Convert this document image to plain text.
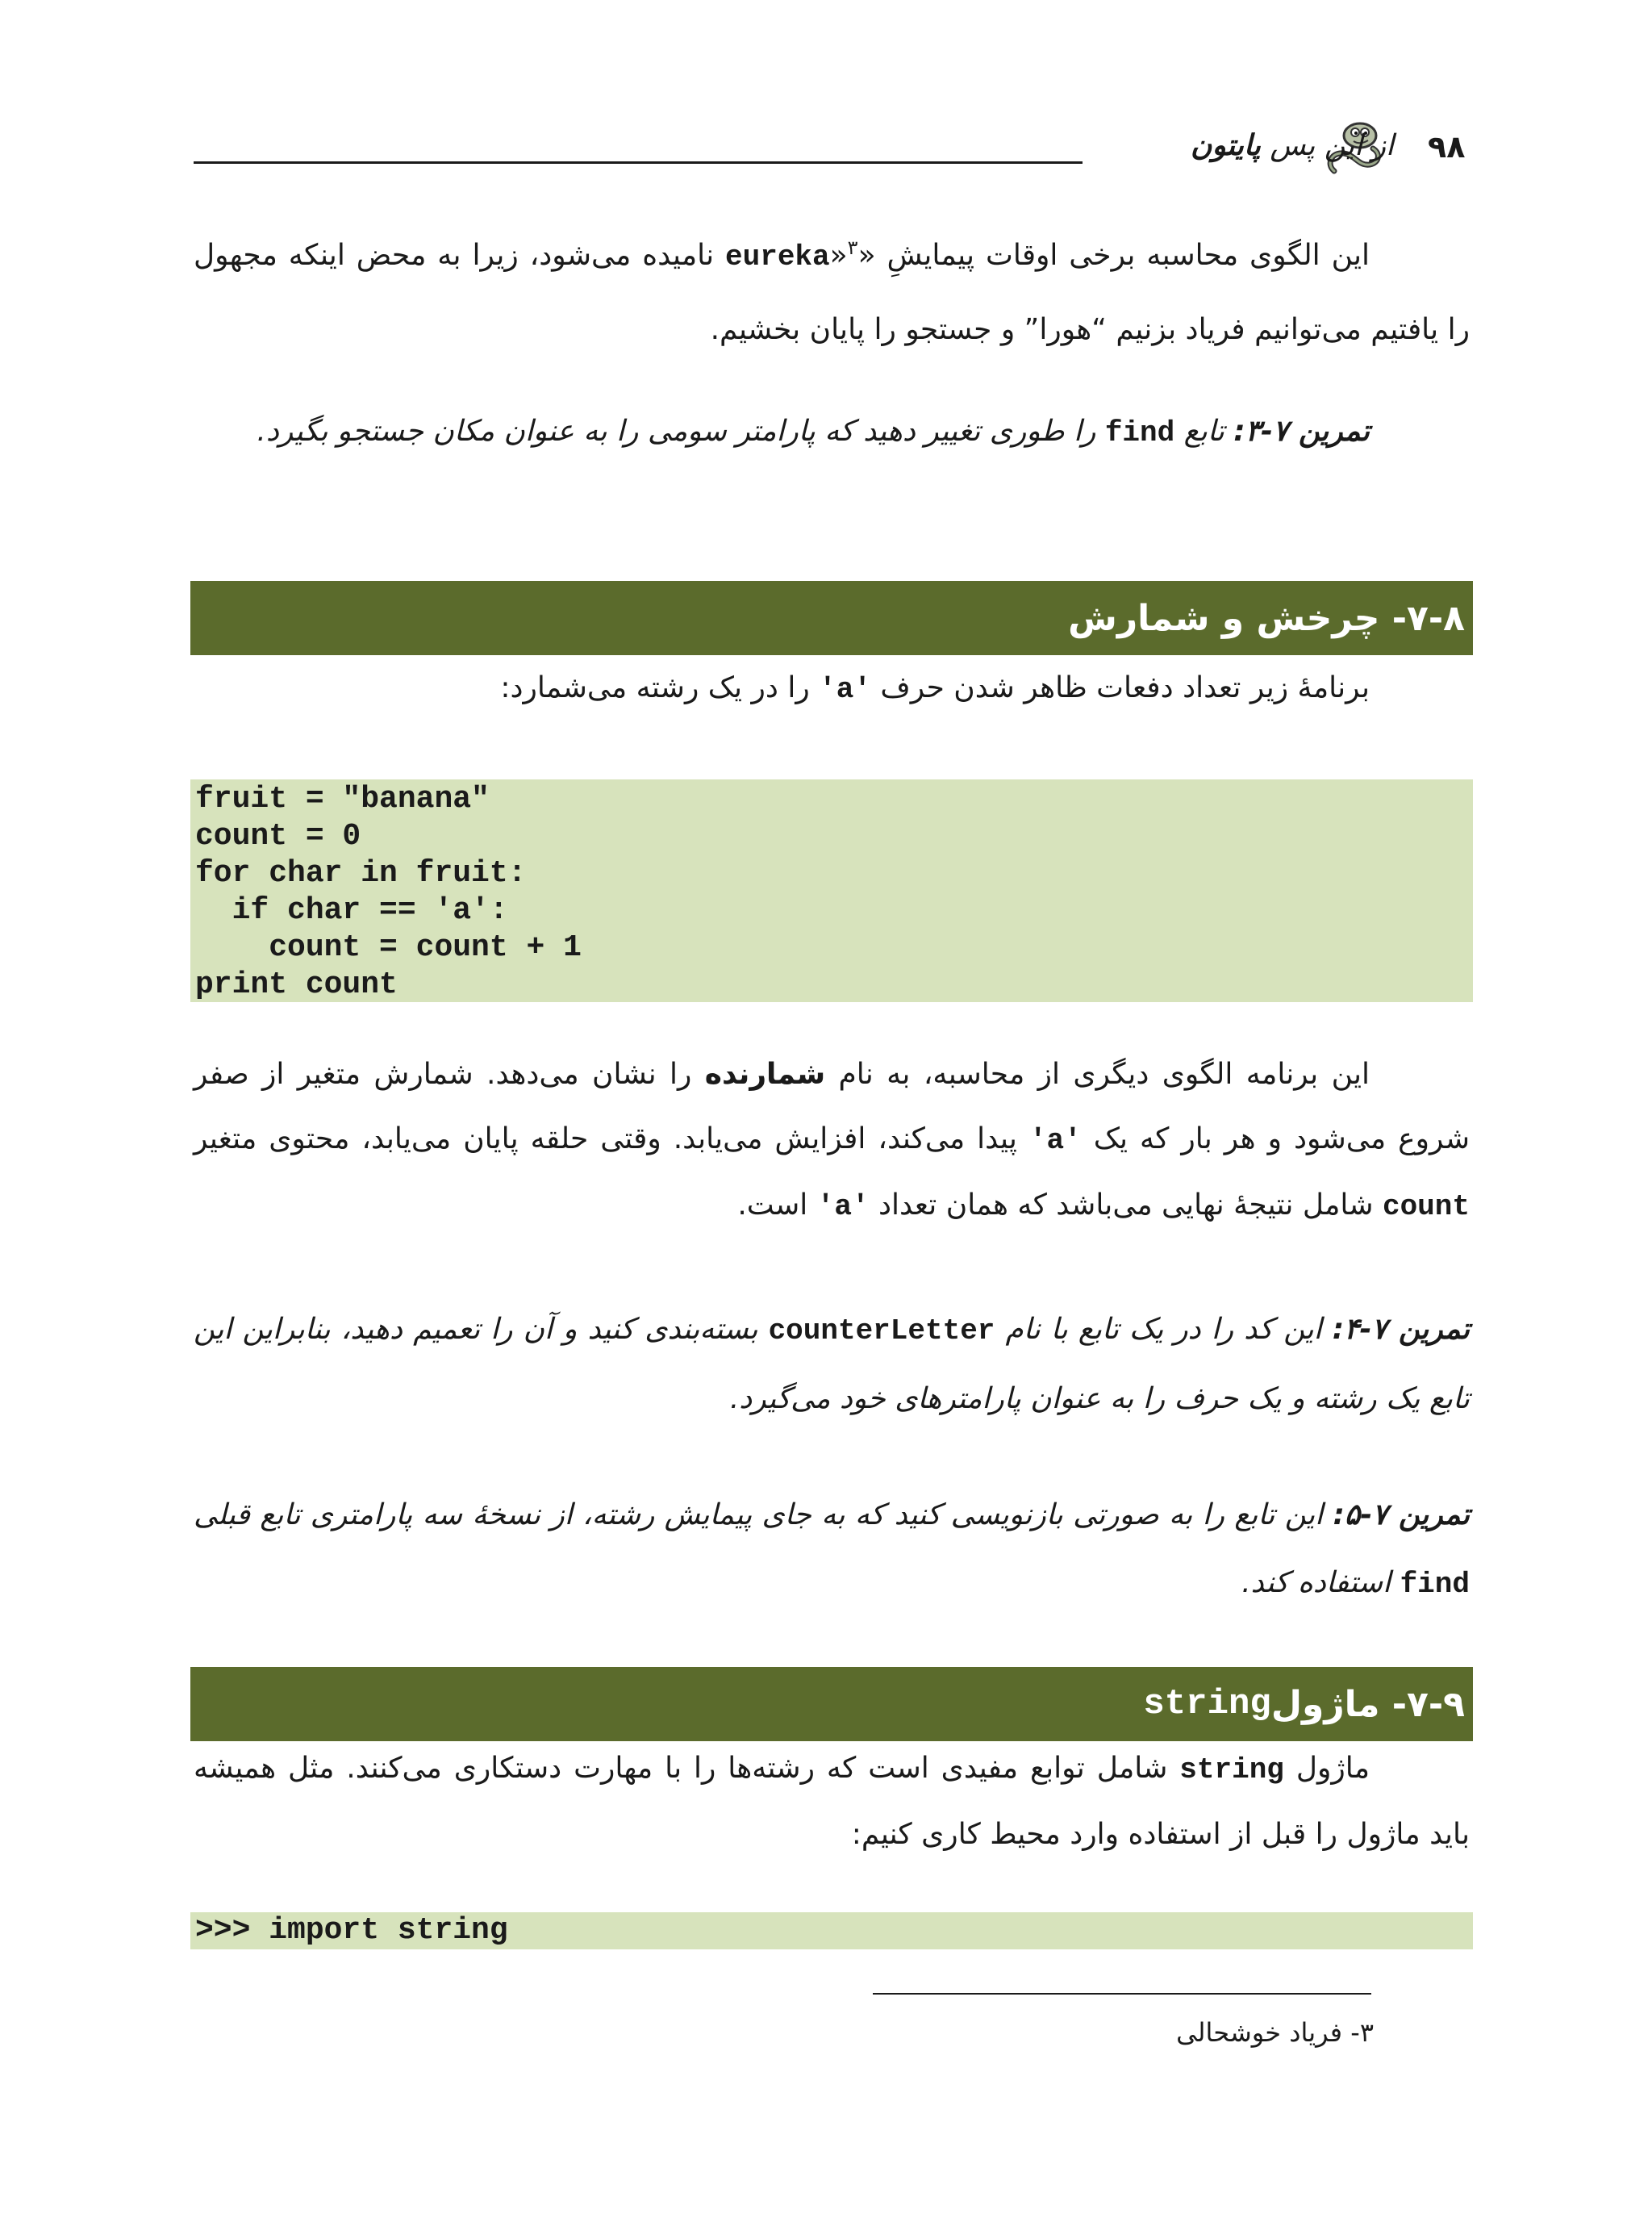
۹۸
از این پس پایتون
این الگوی محاسبه برخی اوقات پیمایشِ «eureka»$^۳$ نامیده می‌شود، زیرا به محض اینکه مجهول را یافتیم می‌توانیم فریاد بزنیم “هورا” و جستجو را پایان بخشیم.
تمرین ۷-۳: تابع find را طوری تغییر دهید که پارامتر سومی را به عنوان مکان جستجو بگیرد.
۷-۸- چرخش و شمارش
برنامهٔ زیر تعداد دفعات ظاهر شدن حرف 'a' را در یک رشته می‌شمارد:
fruit = "banana"
count = 0
for char in fruit:
if char == 'a':
count = count + 1
print count
این برنامه الگوی دیگری از محاسبه، به نام شمارنده را نشان می‌دهد. شمارش متغیر از صفر شروع می‌شود و هر بار که یک 'a' پیدا می‌کند، افزایش می‌یابد. وقتی حلقه پایان می‌یابد، محتوی متغیر count شامل نتیجهٔ نهایی می‌باشد که همان تعداد 'a' است.
تمرین ۷-۴: این کد را در یک تابع با نام counterLetter بسته‌بندی کنید و آن را تعمیم دهید، بنابراین این تابع یک رشته و یک حرف را به عنوان پارامترهای خود می‌گیرد.
تمرین ۷-۵: این تابع را به صورتی بازنویسی کنید که به جای پیمایش رشته، از نسخهٔ سه پارامتری تابع قبلی find استفاده کند.
۷-۹- ماژول
string
ماژول string شامل توابع مفیدی است که رشته‌ها را با مهارت دستکاری می‌کنند. مثل همیشه باید ماژول را قبل از استفاده وارد محیط کاری کنیم:
>>> import string
۳- فریاد خوشحالی
